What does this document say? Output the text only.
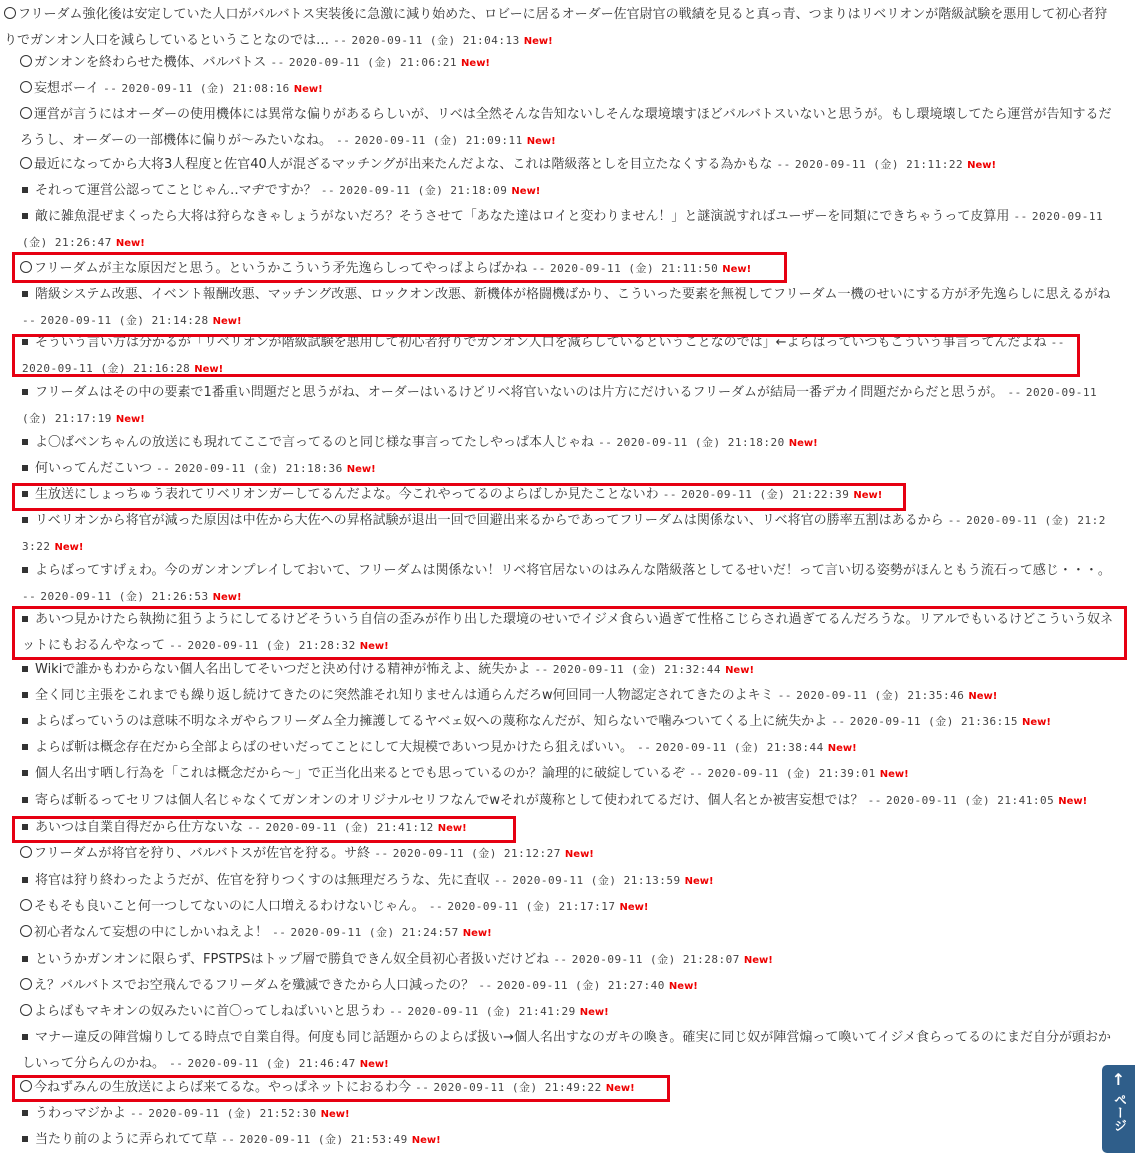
フリーダム強化後は安定していた人口がバルバトス実装後に急激に減り始めた、ロビーに居るオーダー佐官尉官の戦績を見ると真っ青、つまりはリベリオンが階級試験を悪用して初心者狩りでガンオン人口を減らしているということなのでは… -- 2020-09-11 (金) 21:04:13 New!
ガンオンを終わらせた機体、バルバトス -- 2020-09-11 (金) 21:06:21 New!
妄想ボーイ -- 2020-09-11 (金) 21:08:16 New!
運営が言うにはオーダーの使用機体には異常な偏りがあるらしいが、リベは全然そんな告知ないしそんな環境壊すほどバルバトスいないと思うが。もし環境壊してたら運営が告知するだろうし、オーダーの一部機体に偏りが〜みたいなね。 -- 2020-09-11 (金) 21:09:11 New!
最近になってから大将3人程度と佐官40人が混ざるマッチングが出来たんだよな、これは階級落としを目立たなくする為かもな -- 2020-09-11 (金) 21:11:22 New!
それって運営公認ってことじゃん‥マヂですか？ -- 2020-09-11 (金) 21:18:09 New!
敵に雑魚混ぜまくったら大将は狩らなきゃしょうがないだろ？そうさせて「あなた達はロイと変わりません！」と謎演説すればユーザーを同類にできちゃうって皮算用 -- 2020-09-11 (金) 21:26:47 New!
フリーダムが主な原因だと思う。というかこういう矛先逸らしってやっぱよらばかね -- 2020-09-11 (金) 21:11:50 New!
階級システム改悪、イベント報酬改悪、マッチング改悪、ロックオン改悪、新機体が格闘機ばかり、こういった要素を無視してフリーダム一機のせいにする方が矛先逸らしに思えるがね -- 2020-09-11 (金) 21:14:28 New!
そういう言い方は分かるが「リベリオンが階級試験を悪用して初心者狩りでガンオン人口を減らしているということなのでは」←よらばっていつもこういう事言ってんだよね -- 2020-09-11 (金) 21:16:28 New!
フリーダムはその中の要素で1番重い問題だと思うがね、オーダーはいるけどリベ将官いないのは片方にだけいるフリーダムが結局一番デカイ問題だからだと思うが。 -- 2020-09-11 (金) 21:17:19 New!
よ〇ばベンちゃんの放送にも現れてここで言ってるのと同じ様な事言ってたしやっぱ本人じゃね -- 2020-09-11 (金) 21:18:20 New!
何いってんだこいつ -- 2020-09-11 (金) 21:18:36 New!
生放送にしょっちゅう表れてリベリオンガーしてるんだよな。今これやってるのよらばしか見たことないわ -- 2020-09-11 (金) 21:22:39 New!
リベリオンから将官が減った原因は中佐から大佐への昇格試験が退出一回で回避出来るからであってフリーダムは関係ない、リベ将官の勝率五割はあるから -- 2020-09-11 (金) 21:23:22 New!
よらばってすげぇわ。今のガンオンプレイしておいて、フリーダムは関係ない！リベ将官居ないのはみんな階級落としてるせいだ！って言い切る姿勢がほんともう流石って感じ・・・。 -- 2020-09-11 (金) 21:26:53 New!
あいつ見かけたら執拗に狙うようにしてるけどそういう自信の歪みが作り出した環境のせいでイジメ食らい過ぎて性格こじらされ過ぎてるんだろうな。リアルでもいるけどこういう奴ネットにもおるんやなって -- 2020-09-11 (金) 21:28:32 New!
Wikiで誰かもわからない個人名出してそいつだと決め付ける精神が怖えよ、統失かよ -- 2020-09-11 (金) 21:32:44 New!
全く同じ主張をこれまでも繰り返し続けてきたのに突然誰それ知りませんは通らんだろw何回同一人物認定されてきたのよキミ -- 2020-09-11 (金) 21:35:46 New!
よらばっていうのは意味不明なネガやらフリーダム全力擁護してるヤベェ奴への蔑称なんだが、知らないで噛みついてくる上に統失かよ -- 2020-09-11 (金) 21:36:15 New!
よらば斬は概念存在だから全部よらばのせいだってことにして大規模であいつ見かけたら狙えばいい。 -- 2020-09-11 (金) 21:38:44 New!
個人名出す晒し行為を「これは概念だから〜」で正当化出来るとでも思っているのか？論理的に破綻しているぞ -- 2020-09-11 (金) 21:39:01 New!
寄らば斬るってセリフは個人名じゃなくてガンオンのオリジナルセリフなんでwそれが蔑称として使われてるだけ、個人名とか被害妄想では？ -- 2020-09-11 (金) 21:41:05 New!
あいつは自業自得だから仕方ないな -- 2020-09-11 (金) 21:41:12 New!
フリーダムが将官を狩り、バルバトスが佐官を狩る。サ終 -- 2020-09-11 (金) 21:12:27 New!
将官は狩り終わったようだが、佐官を狩りつくすのは無理だろうな、先に査収 -- 2020-09-11 (金) 21:13:59 New!
そもそも良いこと何一つしてないのに人口増えるわけないじゃん。 -- 2020-09-11 (金) 21:17:17 New!
初心者なんて妄想の中にしかいねえよ！ -- 2020-09-11 (金) 21:24:57 New!
というかガンオンに限らず、FPSTPSはトップ層で勝負できん奴全員初心者扱いだけどね -- 2020-09-11 (金) 21:28:07 New!
え？バルバトスでお空飛んでるフリーダムを殲滅できたから人口減ったの？ -- 2020-09-11 (金) 21:27:40 New!
よらばもマキオンの奴みたいに首〇ってしねばいいと思うわ -- 2020-09-11 (金) 21:41:29 New!
マナー違反の陣営煽りしてる時点で自業自得。何度も同じ話題からのよらば扱い→個人名出すなのガキの喚き。確実に同じ奴が陣営煽って喚いてイジメ食らってるのにまだ自分が頭おかしいって分らんのかね。 -- 2020-09-11 (金) 21:46:47 New!
今ねずみんの生放送によらば来てるな。やっぱネットにおるわ今 -- 2020-09-11 (金) 21:49:22 New!
うわっマジかよ -- 2020-09-11 (金) 21:52:30 New!
当たり前のように弄られてて草 -- 2020-09-11 (金) 21:53:49 New!
↑
ページ
